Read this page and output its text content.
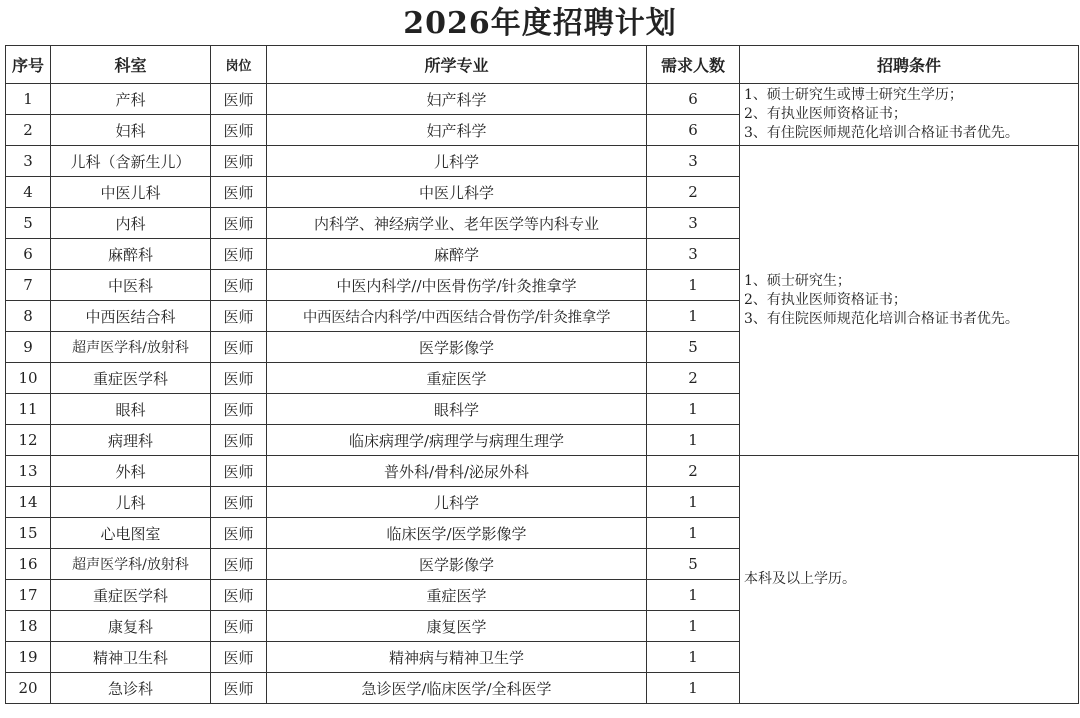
2026年度招聘计划
序号	科室	岗位	所学专业	需求人数	招聘条件
1	产科	医师	妇产科学	6	1、硕士研究生或博士研究生学历；
2、有执业医师资格证书；
3、有住院医师规范化培训合格证书者优先。

2	妇科	医师	妇产科学	6	
3	儿科（含新生儿）	医师	儿科学	3	1、硕士研究生；
2、有执业医师资格证书；
3、有住院医师规范化培训合格证书者优先。

4	中医儿科	医师	中医儿科学	2	
5	内科	医师	内科学、神经病学业、老年医学等内科专业	3	
6	麻醉科	医师	麻醉学	3	
7	中医科	医师	中医内科学//中医骨伤学/针灸推拿学	1	
8	中西医结合科	医师	中西医结合内科学/中西医结合骨伤学/针灸推拿学	1	
9	超声医学科/放射科	医师	医学影像学	5	
10	重症医学科	医师	重症医学	2	
11	眼科	医师	眼科学	1	
12	病理科	医师	临床病理学/病理学与病理生理学	1	
13	外科	医师	普外科/骨科/泌尿外科	2	本科及以上学历。

14	儿科	医师	儿科学	1	
15	心电图室	医师	临床医学/医学影像学	1	
16	超声医学科/放射科	医师	医学影像学	5	
17	重症医学科	医师	重症医学	1	
18	康复科	医师	康复医学	1	
19	精神卫生科	医师	精神病与精神卫生学	1	
20	急诊科	医师	急诊医学/临床医学/全科医学	1	
